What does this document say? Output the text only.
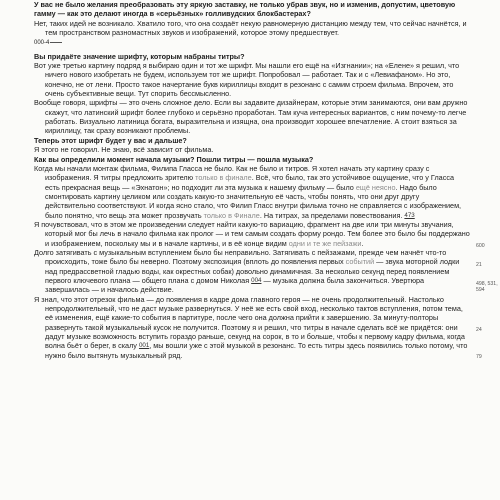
У вас не было желания преобразовать эту яркую заставку, не только убрав звук, но и изменив, допустим, цветовую гамму — как это делают иногда в «серьёзных» голливудских блокбастерах?

Нет, таких идей не возникало. Хватило того, что она создаёт некую равномерную дистанцию между тем, что сейчас начнётся, и тем пространством разномастных звуков и изображений, которое этому предшествует.

000-4

Вы придаёте значение шрифту, которым набраны титры?

Вот уже третью картину подряд я выбираю один и тот же шрифт. Мы нашли его ещё на «Изгнании»; на «Елене» я решил, что ничего нового изобретать не будем, используем тот же шрифт. Попробовал — работает. Так и с «Левиафаном». Но это, конечно, не от лени. Просто такое начертание букв кириллицы входит в резонанс с самим строем фильма. Впрочем, это очень субъективные вещи. Тут спорить бессмысленно.

Вообще говоря, шрифты — это очень сложное дело. Если вы задавите дизайнерам, которые этим занимаются, они вам дружно скажут, что латинский шрифт более глубоко и серьёзно проработан. Там куча интересных вариантов, с ним почему-то легче работать. Визуально латиница богата, выразительна и изящна, она производит хорошее впечатление. А стоит взяться за кириллицу, так сразу возникают проблемы.

Теперь этот шрифт будет у вас и дальше?

Я этого не говорил. Не знаю, всё зависит от фильма.

Как вы определили момент начала музыки? Пошли титры — пошла музыка?

Когда мы начали монтаж фильма, Филипа Гласса не было. Как не было и титров. Я хотел начать эту картину сразу с изображения. Я титры предложить зрителю только в финале. Всё, что было, так это устойчивое ощущение, что у Гласса есть прекрасная вещь — «Эхнатон»; но подходит ли эта музыка к нашему фильму — было ещё неясно. Надо было смонтировать картину целиком или создать какую-то значительную её часть, чтобы понять, что они друг другу действительно соответствуют. И когда ясно стало, что Филип Гласс внутри фильма точно не справляется с изображением, было понятно, что вещь эта может прозвучать только в Финале. На титрах, за пределами повествования. 473

Я почувствовал, что в этом же произведении следует найти какую-то вариацию, фрагмент на две или три минуты звучания, который мог бы лечь в начало фильма как пролог — и тем самым создать форму рондо. Тем более это было бы поддержано и изображением, поскольку мы и в начале картины, и в её конце видим одни и те же пейзажи.

Долго затягивать с музыкальным вступлением было бы неправильно. Затягивать с пейзажами, прежде чем начнёт что-то происходить, тоже было бы неверно. Поэтому экспозиция (вплоть до появления первых событий — звука моторной лодки над предрассветной гладью воды, как окрестных собак) довольно динамичная. За несколько секунд перед появлением первого ключевого плана — общего плана с домом Николая 004 — музыка должна была закончиться. Увертюра завершилась — и началось действие.

Я знал, что этот отрезок фильма — до появления в кадре дома главного героя — не очень продолжительный. Настолько непродолжительный, что не даст музыке развернуться. У неё же есть свой вход, несколько тактов вступления, потом тема, её изменения, ещё какие-то события в партитуре, после чего она должна прийти к завершению. За минуту-полторы развернуть такой музыкальный кусок не получится. Поэтому я и решил, что титры в начале сделать всё же придётся: они дадут музыке возможность вступить гораздо раньше, секунд на сорок, в то и больше, чтобы к первому кадру фильма, когда волна бьёт о берег, в скалу 001, мы вошли уже с этой музыкой в резонанс. То есть титры здесь появились только потому, что нужно было вытянуть музыкальный ряд.

600
21
498, 531, 594
24
79
